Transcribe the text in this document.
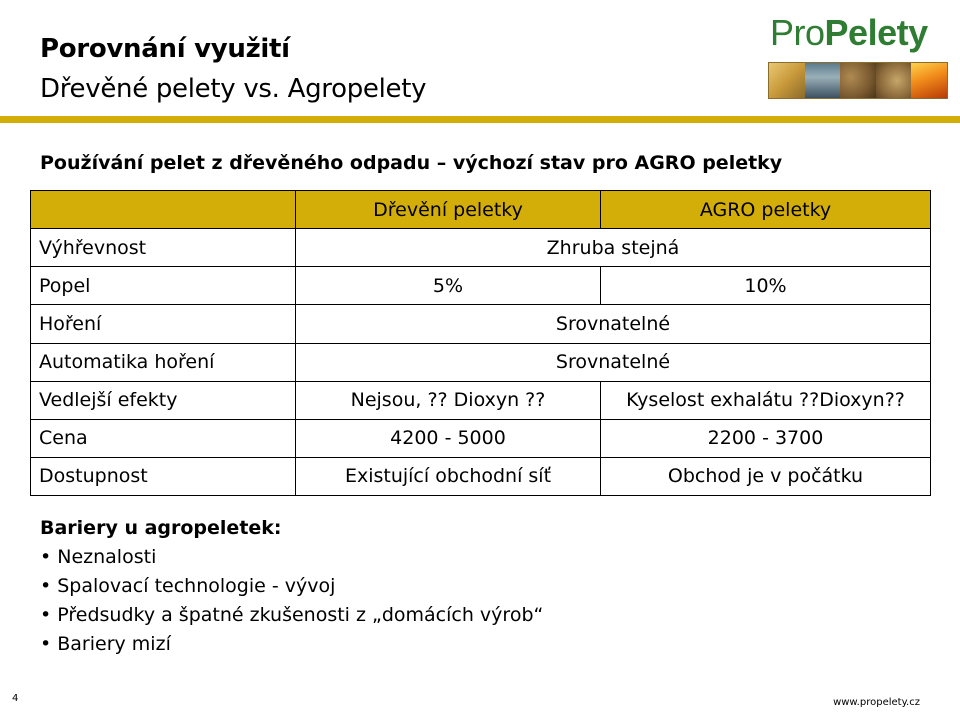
Porovnání využití
Dřevěné pelety vs. Agropelety
ProPelety
Používání pelet z dřevěného odpadu – výchozí stav pro AGRO peletky
	Dřevění peletky	AGRO peletky
Výhřevnost	Zhruba stejná	
Popel	5%	10%
Hoření	Srovnatelné	
Automatika hoření	Srovnatelné	
Vedlejší efekty	Nejsou, ?? Dioxyn ??	Kyselost exhalátu ??Dioxyn??
Cena	4200 - 5000	2200 - 3700
Dostupnost	Existující obchodní síť	Obchod je v počátku
Bariery u agropeletek:
• Neznalosti
• Spalovací technologie - vývoj
• Předsudky a špatné zkušenosti z „domácích výrob“
• Bariery mizí
4	www.propelety.cz
